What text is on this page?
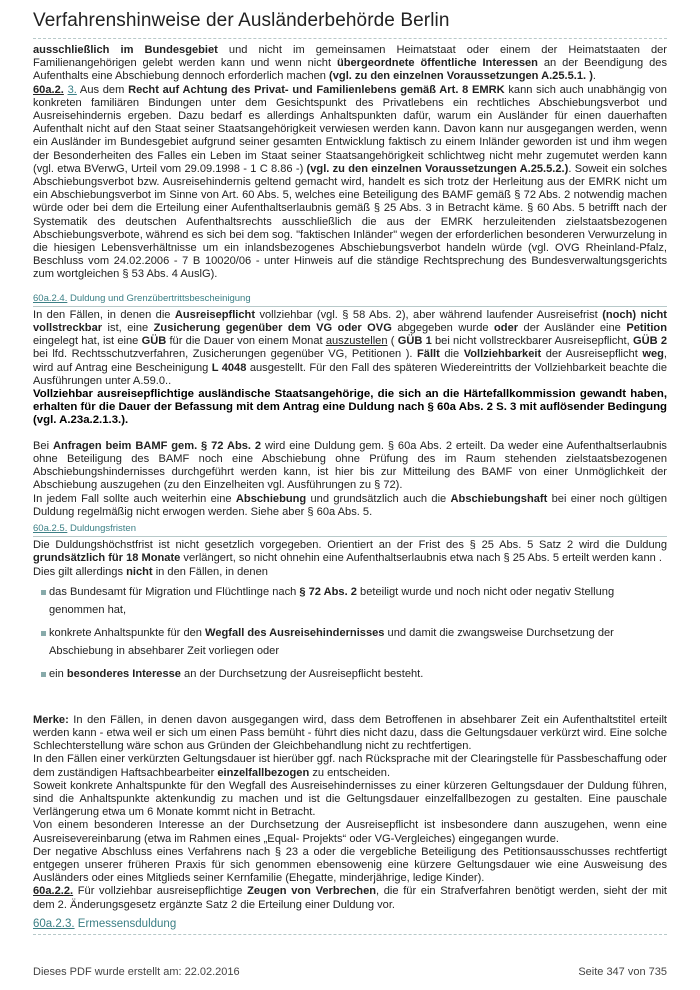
Verfahrenshinweise der Ausländerbehörde Berlin

ausschließlich im Bundesgebiet und nicht im gemeinsamen Heimatstaat oder einem der Heimatstaaten der Familienangehörigen gelebt werden kann und wenn nicht übergeordnete öffentliche Interessen an der Beendigung des Aufenthalts eine Abschiebung dennoch erforderlich machen (vgl. zu den einzelnen Voraussetzungen A.25.5.1. ).

60a.2. 3. Aus dem Recht auf Achtung des Privat- und Familienlebens gemäß Art. 8 EMRK kann sich auch unabhängig von konkreten familiären Bindungen unter dem Gesichtspunkt des Privatlebens ein rechtliches Abschiebungsverbot und Ausreisehindernis ergeben. Dazu bedarf es allerdings Anhaltspunkten dafür, warum ein Ausländer für einen dauerhaften Aufenthalt nicht auf den Staat seiner Staatsangehörigkeit verwiesen werden kann. Davon kann nur ausgegangen werden, wenn ein Ausländer im Bundesgebiet aufgrund seiner gesamten Entwicklung faktisch zu einem Inländer geworden ist und ihm wegen der Besonderheiten des Falles ein Leben im Staat seiner Staatsangehörigkeit schlichtweg nicht mehr zugemutet werden kann (vgl. etwa BVerwG, Urteil vom 29.09.1998 - 1 C 8.86 -) (vgl. zu den einzelnen Voraussetzungen A.25.5.2.). Soweit ein solches Abschiebungsverbot bzw. Ausreisehindernis geltend gemacht wird, handelt es sich trotz der Herleitung aus der EMRK nicht um ein Abschiebungsverbot im Sinne von Art. 60 Abs. 5, welches eine Beteiligung des BAMF gemäß § 72 Abs. 2 notwendig machen würde oder bei dem die Erteilung einer Aufenthaltserlaubnis gemäß § 25 Abs. 3 in Betracht käme. § 60 Abs. 5 betrifft nach der Systematik des deutschen Aufenthaltsrechts ausschließlich die aus der EMRK herzuleitenden zielstaatsbezogenen Abschiebungsverbote, während es sich bei dem sog. "faktischen Inländer" wegen der erforderlichen besonderen Verwurzelung in die hiesigen Lebensverhältnisse um ein inlandsbezogenes Abschiebungsverbot handeln würde (vgl. OVG Rheinland-Pfalz, Beschluss vom 24.02.2006 - 7 B 10020/06 - unter Hinweis auf die ständige Rechtsprechung des Bundesverwaltungsgerichts zum wortgleichen § 53 Abs. 4 AuslG).

60a.2.4. Duldung und Grenzübertrittsbescheinigung

In den Fällen, in denen die Ausreisepflicht vollziehbar (vgl. § 58 Abs. 2), aber während laufender Ausreisefrist (noch) nicht vollstreckbar ist, eine Zusicherung gegenüber dem VG oder OVG abgegeben wurde oder der Ausländer eine Petition eingelegt hat, ist eine GÜB für die Dauer von einem Monat auszustellen ( GÜB 1 bei nicht vollstreckbarer Ausreisepflicht, GÜB 2 bei lfd. Rechtsschutzverfahren, Zusicherungen gegenüber VG, Petitionen ). Fällt die Vollziehbarkeit der Ausreisepflicht weg, wird auf Antrag eine Bescheinigung L 4048 ausgestellt. Für den Fall des späteren Wiedereintritts der Vollziehbarkeit beachte die Ausführungen unter A.59.0..

Vollziehbar ausreisepflichtige ausländische Staatsangehörige, die sich an die Härtefallkommission gewandt haben, erhalten für die Dauer der Befassung mit dem Antrag eine Duldung nach § 60a Abs. 2 S. 3 mit auflösender Bedingung (vgl. A.23a.2.1.3.).

Bei Anfragen beim BAMF gem. § 72 Abs. 2 wird eine Duldung gem. § 60a Abs. 2 erteilt. Da weder eine Aufenthaltserlaubnis ohne Beteiligung des BAMF noch eine Abschiebung ohne Prüfung des im Raum stehenden zielstaatsbezogenen Abschiebungshindernisses durchgeführt werden kann, ist hier bis zur Mitteilung des BAMF von einer Unmöglichkeit der Abschiebung auszugehen (zu den Einzelheiten vgl. Ausführungen zu § 72).

In jedem Fall sollte auch weiterhin eine Abschiebung und grundsätzlich auch die Abschiebungshaft bei einer noch gültigen Duldung regelmäßig nicht erwogen werden. Siehe aber § 60a Abs. 5.

60a.2.5. Duldungsfristen

Die Duldungshöchstfrist ist nicht gesetzlich vorgegeben. Orientiert an der Frist des § 25 Abs. 5 Satz 2 wird die Duldung grundsätzlich für 18 Monate verlängert, so nicht ohnehin eine Aufenthaltserlaubnis etwa nach § 25 Abs. 5 erteilt werden kann .

Dies gilt allerdings nicht in den Fällen, in denen

das Bundesamt für Migration und Flüchtlinge nach § 72 Abs. 2 beteiligt wurde und noch nicht oder negativ Stellung genommen hat,
konkrete Anhaltspunkte für den Wegfall des Ausreisehindernisses und damit die zwangsweise Durchsetzung der Abschiebung in absehbarer Zeit vorliegen oder
ein besonderes Interesse an der Durchsetzung der Ausreisepflicht besteht.

Merke: In den Fällen, in denen davon ausgegangen wird, dass dem Betroffenen in absehbarer Zeit ein Aufenthaltstitel erteilt werden kann - etwa weil er sich um einen Pass bemüht - führt dies nicht dazu, dass die Geltungsdauer verkürzt wird. Eine solche Schlechterstellung wäre schon aus Gründen der Gleichbehandlung nicht zu rechtfertigen.

In den Fällen einer verkürzten Geltungsdauer ist hierüber ggf. nach Rücksprache mit der Clearingstelle für Passbeschaffung oder dem zuständigen Haftsachbearbeiter einzelfallbezogen zu entscheiden.

Soweit konkrete Anhaltspunkte für den Wegfall des Ausreisehindernisses zu einer kürzeren Geltungsdauer der Duldung führen, sind die Anhaltspunkte aktenkundig zu machen und ist die Geltungsdauer einzelfallbezogen zu gestalten. Eine pauschale Verlängerung etwa um 6 Monate kommt nicht in Betracht.

Von einem besonderen Interesse an der Durchsetzung der Ausreisepflicht ist insbesondere dann auszugehen, wenn eine Ausreisevereinbarung (etwa im Rahmen eines „Equal- Projekts“ oder VG-Vergleiches) eingegangen wurde.

Der negative Abschluss eines Verfahrens nach § 23 a oder die vergebliche Beteiligung des Petitionsausschusses rechtfertigt entgegen unserer früheren Praxis für sich genommen ebensowenig eine kürzere Geltungsdauer wie eine Ausweisung des Ausländers oder eines Mitglieds seiner Kernfamilie (Ehegatte, minderjährige, ledige Kinder).

60a.2.2. Für vollziehbar ausreisepflichtige Zeugen von Verbrechen, die für ein Strafverfahren benötigt werden, sieht der mit dem 2. Änderungsgesetz ergänzte Satz 2 die Erteilung einer Duldung vor.

60a.2.3. Ermessensduldung
Dieses PDF wurde erstellt am: 22.02.2016	Seite 347 von 735
